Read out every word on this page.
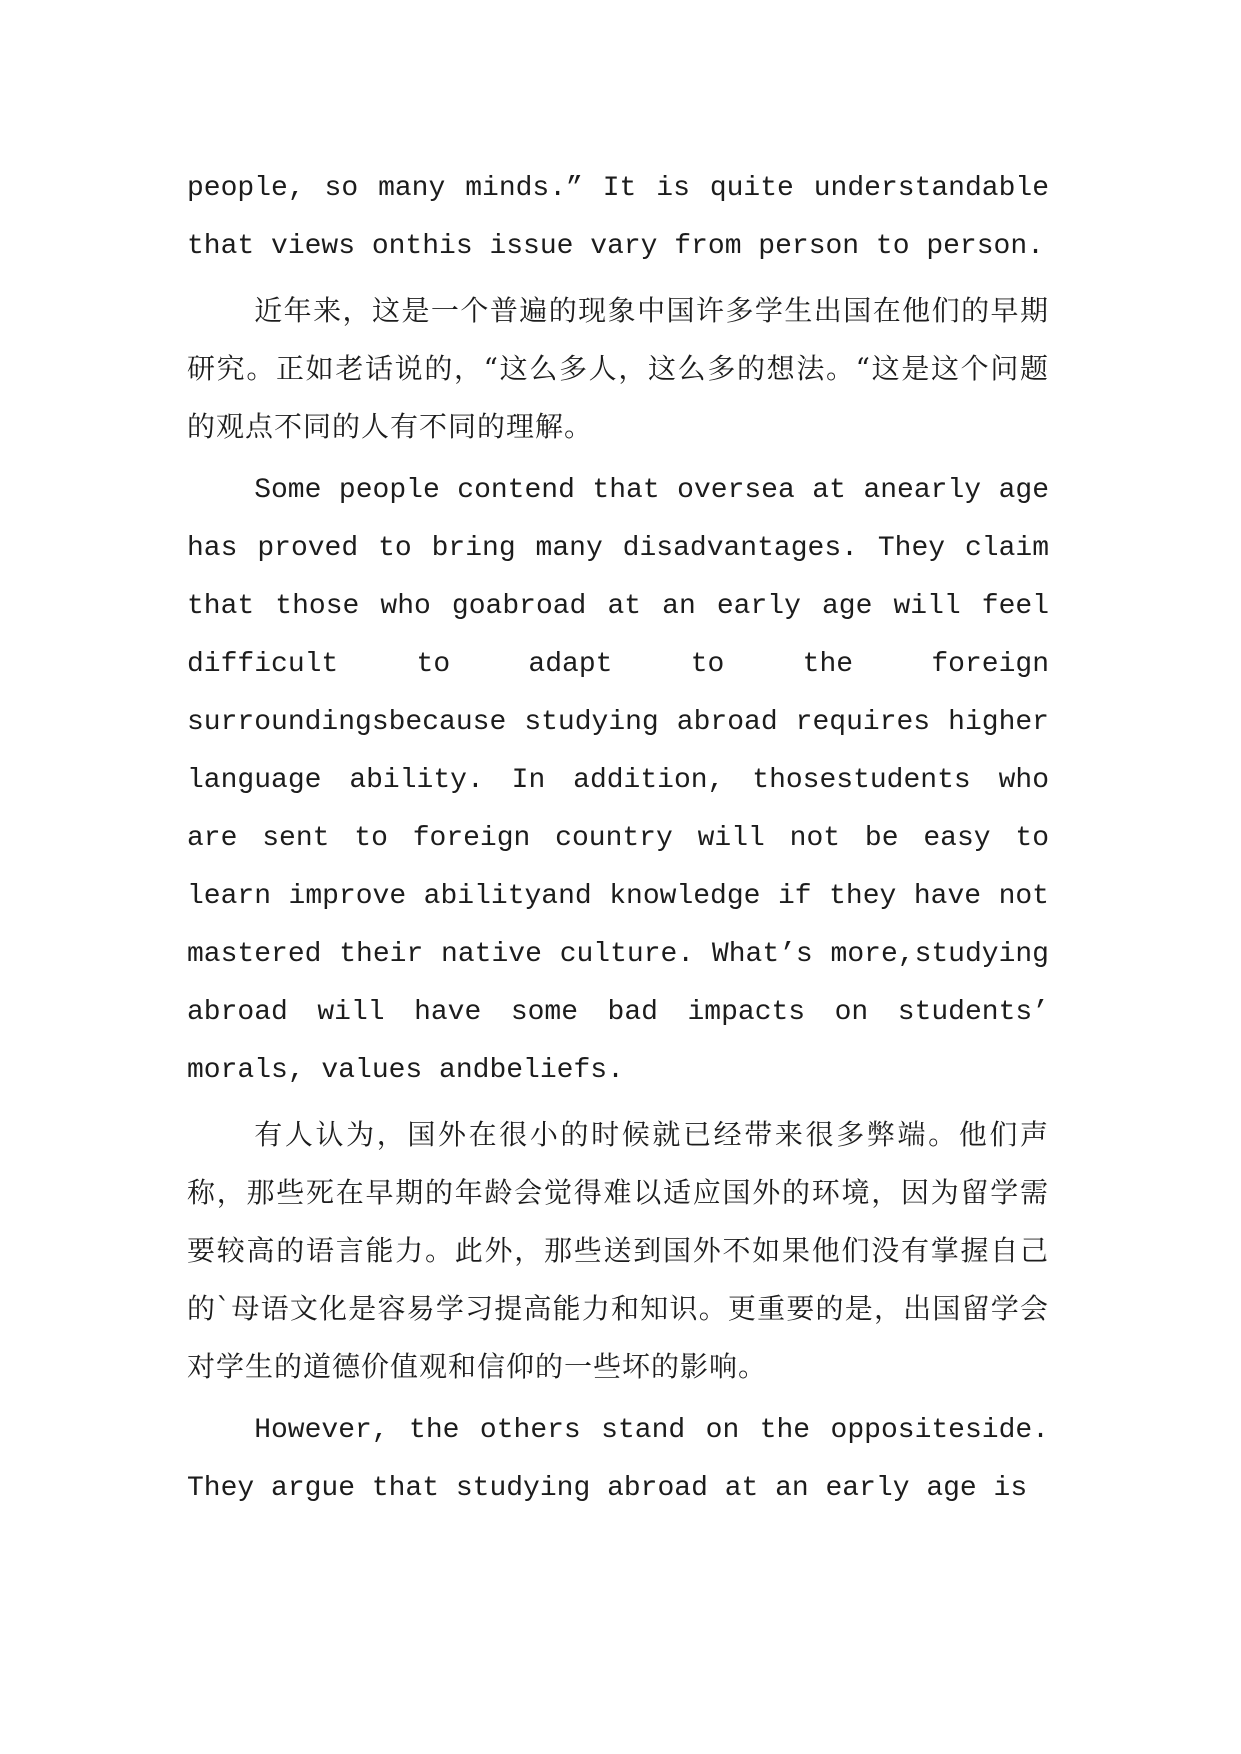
people, so many minds.” It is quite understandable that views onthis issue vary from person to person.

近年来，这是一个普遍的现象中国许多学生出国在他们的早期研究。正如老话说的，“这么多人，这么多的想法。“这是这个问题的观点不同的人有不同的理解。

Some people contend that oversea at anearly age has proved to bring many disadvantages. They claim that those who goabroad at an early age will feel difficult to adapt to the foreign surroundingsbecause studying abroad requires higher language ability. In addition, thosestudents who are sent to foreign country will not be easy to learn improve abilityand knowledge if they have not mastered their native culture. What’s more,studying abroad will have some bad impacts on students’ morals, values andbeliefs.

有人认为，国外在很小的时候就已经带来很多弊端。他们声称，那些死在早期的年龄会觉得难以适应国外的环境，因为留学需要较高的语言能力。此外，那些送到国外不如果他们没有掌握自己的`母语文化是容易学习提高能力和知识。更重要的是，出国留学会对学生的道德价值观和信仰的一些坏的影响。

However, the others stand on the oppositeside. They argue that studying abroad at an early age is
